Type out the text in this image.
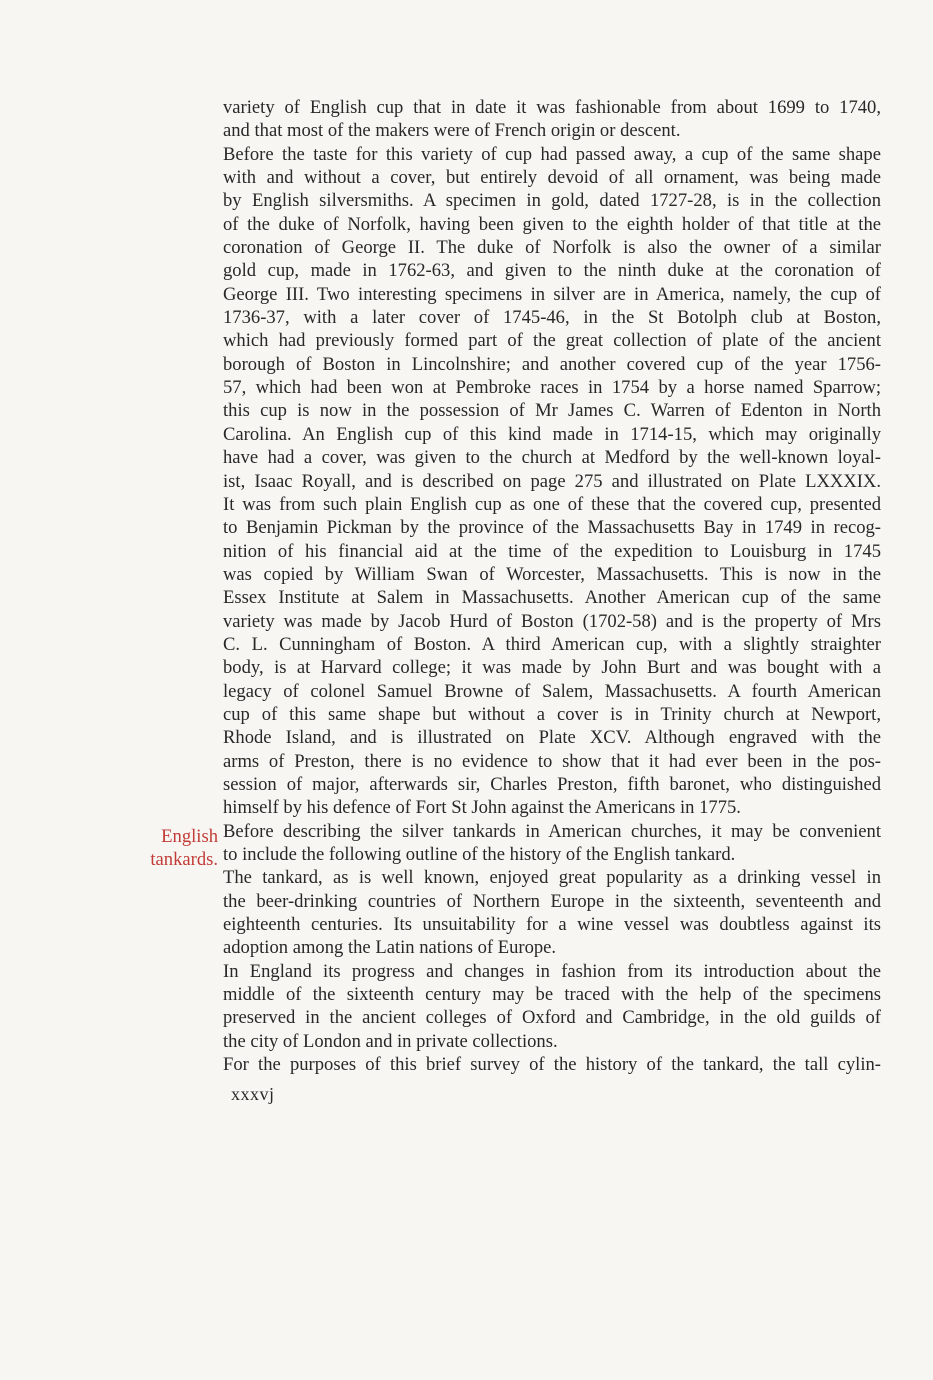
variety of English cup that in date it was fashionable from about 1699 to 1740,
and that most of the makers were of French origin or descent.
Before the taste for this variety of cup had passed away, a cup of the same shape
with and without a cover, but entirely devoid of all ornament, was being made
by English silversmiths. A specimen in gold, dated 1727-28, is in the collection
of the duke of Norfolk, having been given to the eighth holder of that title at the
coronation of George II. The duke of Norfolk is also the owner of a similar
gold cup, made in 1762-63, and given to the ninth duke at the coronation of
George III. Two interesting specimens in silver are in America, namely, the cup of
1736-37, with a later cover of 1745-46, in the St Botolph club at Boston,
which had previously formed part of the great collection of plate of the ancient
borough of Boston in Lincolnshire; and another covered cup of the year 1756-
57, which had been won at Pembroke races in 1754 by a horse named Sparrow;
this cup is now in the possession of Mr James C. Warren of Edenton in North
Carolina. An English cup of this kind made in 1714-15, which may originally
have had a cover, was given to the church at Medford by the well-known loyal-
ist, Isaac Royall, and is described on page 275 and illustrated on Plate LXXXIX.
It was from such plain English cup as one of these that the covered cup, presented
to Benjamin Pickman by the province of the Massachusetts Bay in 1749 in recog-
nition of his financial aid at the time of the expedition to Louisburg in 1745
was copied by William Swan of Worcester, Massachusetts. This is now in the
Essex Institute at Salem in Massachusetts. Another American cup of the same
variety was made by Jacob Hurd of Boston (1702-58) and is the property of Mrs
C. L. Cunningham of Boston. A third American cup, with a slightly straighter
body, is at Harvard college; it was made by John Burt and was bought with a
legacy of colonel Samuel Browne of Salem, Massachusetts. A fourth American
cup of this same shape but without a cover is in Trinity church at Newport,
Rhode Island, and is illustrated on Plate XCV. Although engraved with the
arms of Preston, there is no evidence to show that it had ever been in the pos-
session of major, afterwards sir, Charles Preston, fifth baronet, who distinguished
himself by his defence of Fort St John against the Americans in 1775.
Before describing the silver tankards in American churches, it may be convenient
to include the following outline of the history of the English tankard.
The tankard, as is well known, enjoyed great popularity as a drinking vessel in
the beer-drinking countries of Northern Europe in the sixteenth, seventeenth and
eighteenth centuries. Its unsuitability for a wine vessel was doubtless against its
adoption among the Latin nations of Europe.
In England its progress and changes in fashion from its introduction about the
middle of the sixteenth century may be traced with the help of the specimens
preserved in the ancient colleges of Oxford and Cambridge, in the old guilds of
the city of London and in private collections.
For the purposes of this brief survey of the history of the tankard, the tall cylin-
English
tankards.
xxxvj
